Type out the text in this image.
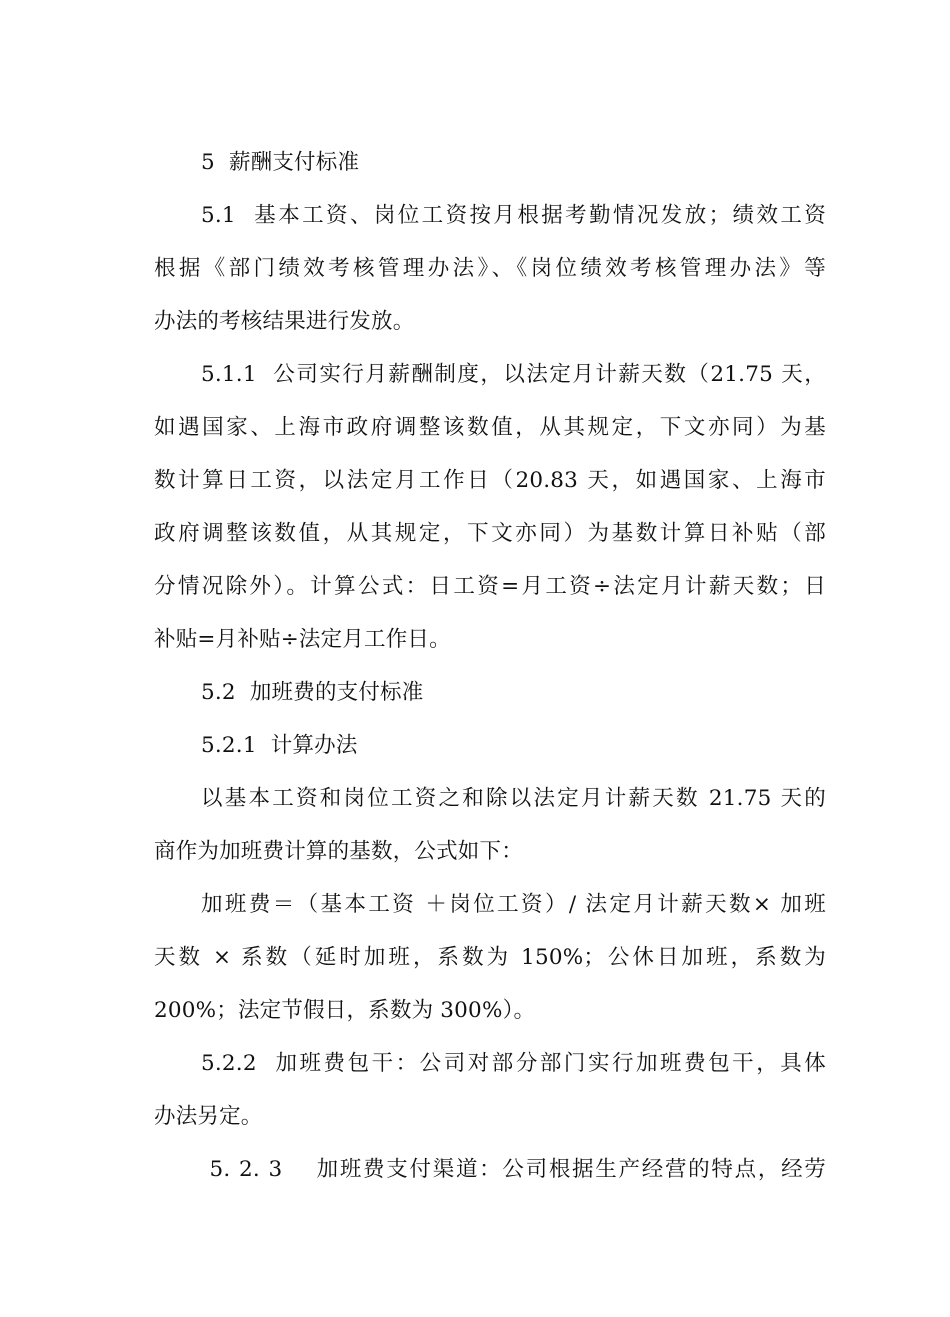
5  薪酬支付标准
5.1  基本工资、岗位工资按月根据考勤情况发放；绩效工资
根据《部门绩效考核管理办法》、《岗位绩效考核管理办法》等
办法的考核结果进行发放。
5.1.1  公司实行月薪酬制度，以法定月计薪天数（21.75 天，
如遇国家、上海市政府调整该数值，从其规定，下文亦同）为基
数计算日工资，以法定月工作日（20.83 天，如遇国家、上海市
政府调整该数值，从其规定，下文亦同）为基数计算日补贴（部
分情况除外）。计算公式：日工资=月工资÷法定月计薪天数；日
补贴=月补贴÷法定月工作日。
5.2  加班费的支付标准
5.2.1  计算办法
以基本工资和岗位工资之和除以法定月计薪天数 21.75 天的
商作为加班费计算的基数，公式如下：
加班费＝（基本工资 ＋岗位工资）/ 法定月计薪天数× 加班
天数 × 系数（延时加班，系数为 150%；公休日加班，系数为
200%；法定节假日，系数为 300%）。
5.2.2  加班费包干：公司对部分部门实行加班费包干，具体
办法另定。
5. 2. 3    加班费支付渠道：公司根据生产经营的特点，经劳
